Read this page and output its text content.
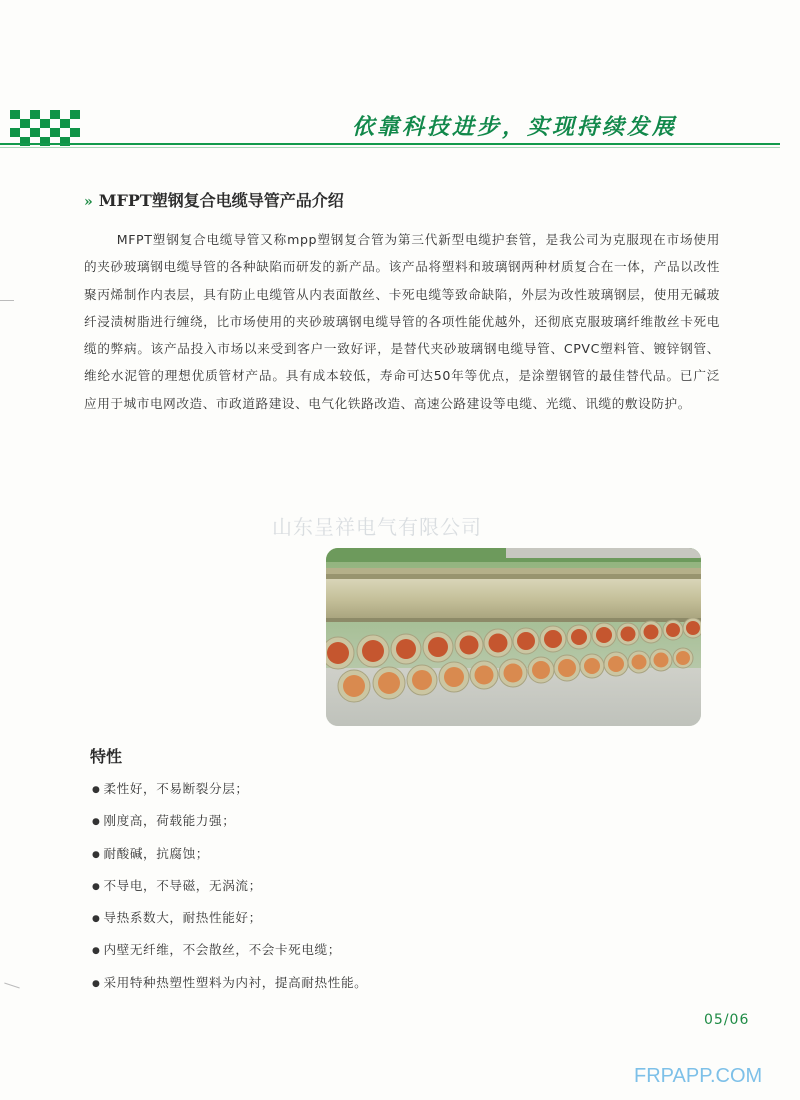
依靠科技进步，实现持续发展
» MFPT塑钢复合电缆导管产品介绍

MFPT塑钢复合电缆导管又称mpp塑钢复合管为第三代新型电缆护套管，是我公司为克服现在市场使用的夹砂玻璃钢电缆导管的各种缺陷而研发的新产品。该产品将塑料和玻璃钢两种材质复合在一体，产品以改性聚丙烯制作内表层，具有防止电缆管从内表面散丝、卡死电缆等致命缺陷，外层为改性玻璃钢层，使用无碱玻纤浸渍树脂进行缠绕，比市场使用的夹砂玻璃钢电缆导管的各项性能优越外，还彻底克服玻璃纤维散丝卡死电缆的弊病。该产品投入市场以来受到客户一致好评，是替代夹砂玻璃钢电缆导管、CPVC塑料管、镀锌钢管、维纶水泥管的理想优质管材产品。具有成本较低，寿命可达50年等优点，是涂塑钢管的最佳替代品。已广泛应用于城市电网改造、市政道路建设、电气化铁路改造、高速公路建设等电缆、光缆、讯缆的敷设防护。

山东呈祥电气有限公司
特性
● 柔性好，不易断裂分层；
● 刚度高，荷载能力强；
● 耐酸碱，抗腐蚀；
● 不导电，不导磁，无涡流；
● 导热系数大，耐热性能好；
● 内壁无纤维，不会散丝，不会卡死电缆；
● 采用特种热塑性塑料为内衬，提高耐热性能。
05/06
FRPAPP.COM
